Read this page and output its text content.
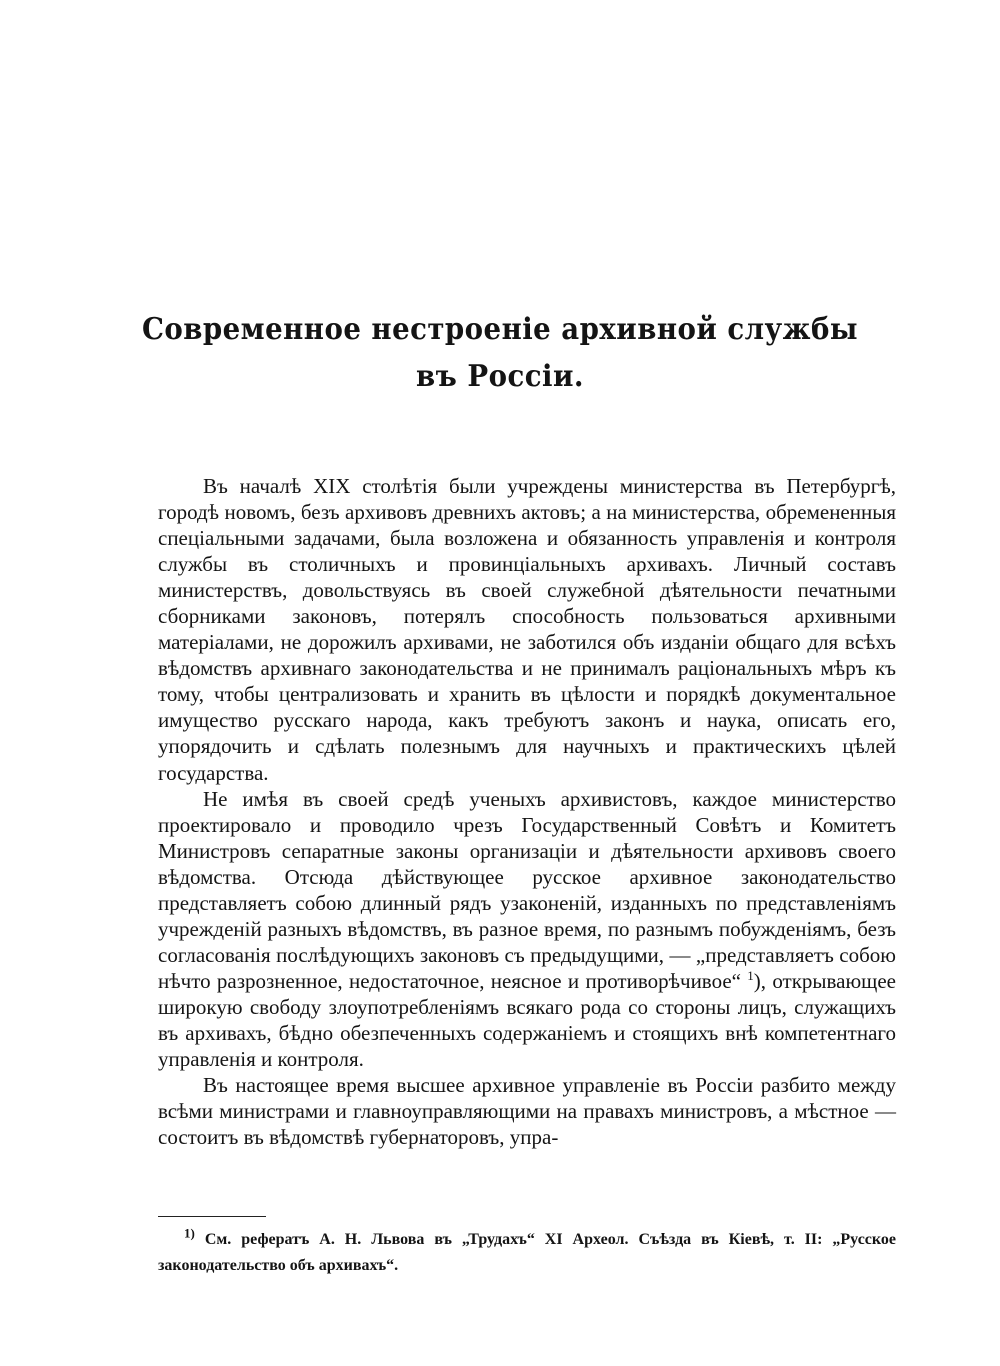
Современное нестроеніе архивной службы
въ Россіи.

Въ началѣ XIX столѣтія были учреждены министерства въ Петербургѣ, городѣ новомъ, безъ архивовъ древнихъ актовъ; а на министерства, обремененныя спеціальными задачами, была возложена и обязанность управленія и контроля службы въ столичныхъ и провинціальныхъ архивахъ. Личный составъ министерствъ, довольствуясь въ своей служебной дѣятельности печатными сборниками законовъ, потерялъ способность пользоваться архивными матеріалами, не дорожилъ архивами, не заботился объ изданіи общаго для всѣхъ вѣдомствъ архивнаго законодательства и не принималъ раціональныхъ мѣръ къ тому, чтобы централизовать и хранить въ цѣлости и порядкѣ документальное имущество русскаго народа, какъ требуютъ законъ и наука, описать его, упорядочить и сдѣлать полезнымъ для научныхъ и практическихъ цѣлей государства.

Не имѣя въ своей средѣ ученыхъ архивистовъ, каждое министерство проектировало и проводило чрезъ Государственный Совѣтъ и Комитетъ Министровъ сепаратные законы организаціи и дѣятельности архивовъ своего вѣдомства. Отсюда дѣйствующее русское архивное законодательство представляетъ собою длинный рядъ узаконеній, изданныхъ по представленіямъ учрежденій разныхъ вѣдомствъ, въ разное время, по разнымъ побужденіямъ, безъ согласованія послѣдующихъ законовъ съ предыдущими, — „представляетъ собою нѣчто разрозненное, недостаточное, неясное и противорѣчивое“ $^1$), открывающее широкую свободу злоупотребленіямъ всякаго рода со стороны лицъ, служащихъ въ архивахъ, бѣдно обезпеченныхъ содержаніемъ и стоящихъ внѣ компетентнаго управленія и контроля.

Въ настоящее время высшее архивное управленіе въ Россіи разбито между всѣми министрами и главноуправляющими на правахъ министровъ, а мѣстное — состоитъ въ вѣдомствѣ губернаторовъ, упра-

$^{1)}$ См. рефератъ А. Н. Львова въ „Трудахъ“ XI Археол. Съѣзда въ Кіевѣ, т. II: „Русское законодательство объ архивахъ“.
